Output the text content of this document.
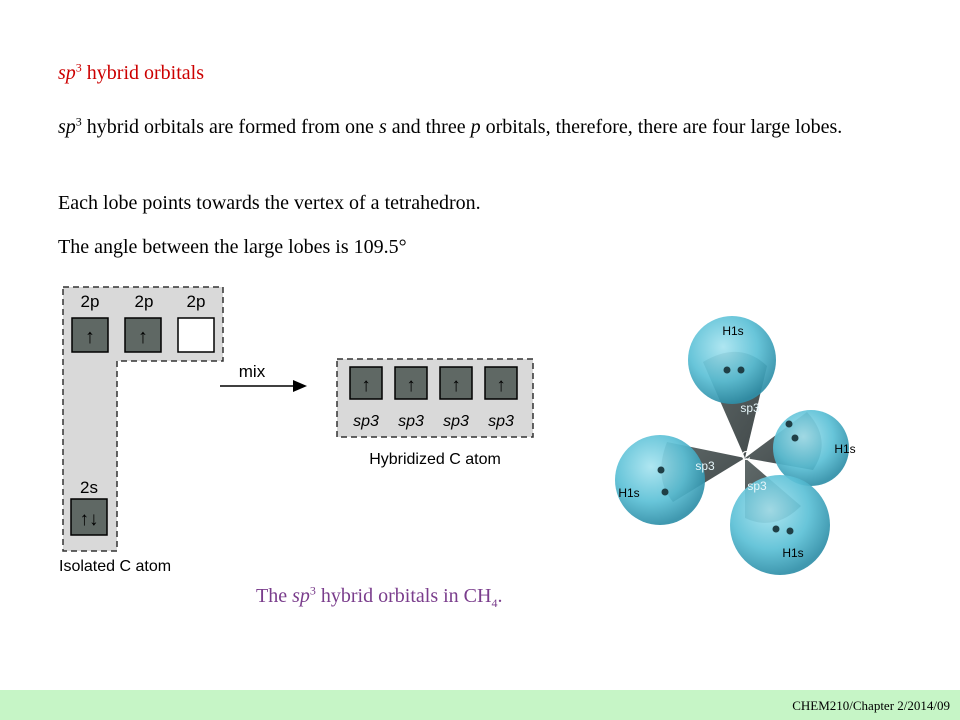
$sp^3$ hybrid orbitals
$sp^3$ hybrid orbitals are formed from one s and three p orbitals, therefore, there are four large lobes.
Each lobe points towards the vertex of a tetrahedron.
The angle between the large lobes is 109.5°
2p 2p 2p
↑ ↑
2s
↑↓
Isolated C atom
mix
↑ ↑ ↑ ↑
sp3 sp3 sp3 sp3
Hybridized C atom
H1s
H1s
H1s
H1s
sp3
sp3
sp3
C
The $sp^3$ hybrid orbitals in $CH_4$.
CHEM210/Chapter 2/2014/09
